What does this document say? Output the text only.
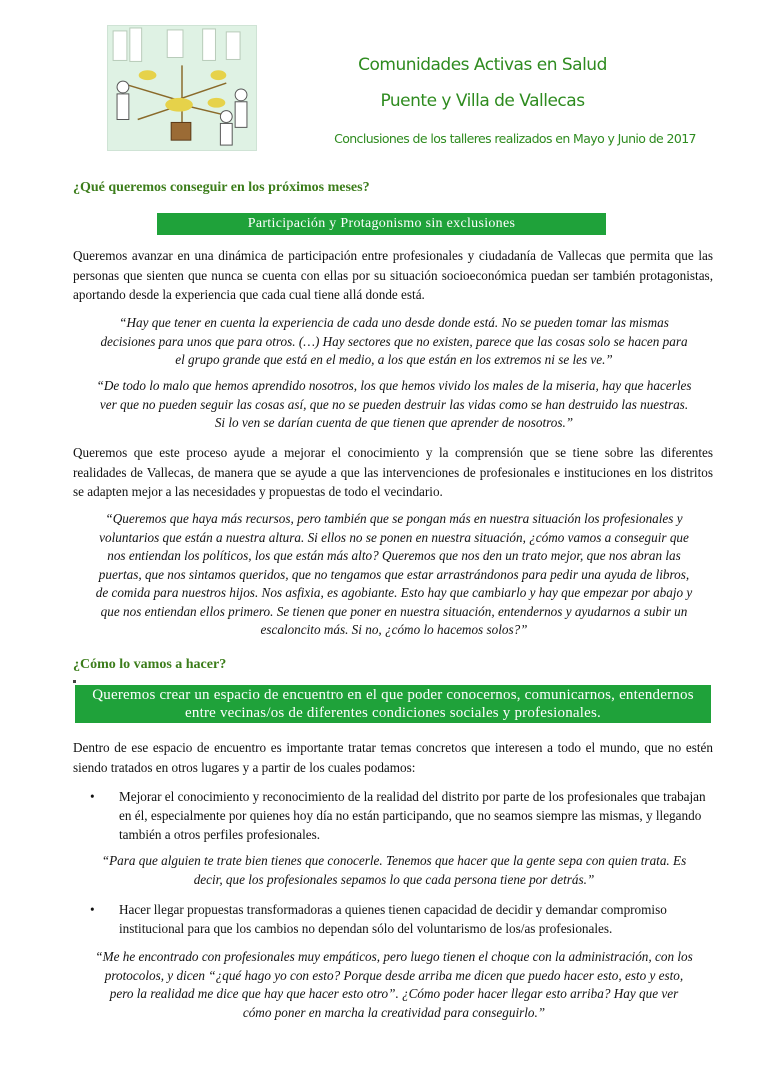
Comunidades Activas en Salud
Puente y Villa de Vallecas
Conclusiones de los talleres realizados en Mayo y Junio de 2017
¿Qué queremos conseguir en los próximos meses?
Participación y Protagonismo sin exclusiones
Queremos avanzar en una dinámica de participación entre profesionales y ciudadanía de Vallecas que permita que las personas que sienten que nunca se cuenta con ellas por su situación socioeconómica puedan ser también protagonistas, aportando desde la experiencia que cada cual tiene allá donde está.
“Hay que tener en cuenta la experiencia de cada uno desde donde está. No se pueden tomar las mismas decisiones para unos que para otros. (…) Hay sectores que no existen, parece que las cosas solo se hacen para el grupo grande que está en el medio, a los que están en los extremos ni se les ve.”
“De todo lo malo que hemos aprendido nosotros, los que hemos vivido los males de la miseria, hay que hacerles ver que no pueden seguir las cosas así, que no se pueden destruir las vidas como se han destruido las nuestras. Si lo ven se darían cuenta de que tienen que aprender de nosotros.”
Queremos que este proceso ayude a mejorar el conocimiento y la comprensión que se tiene sobre las diferentes realidades de Vallecas, de manera que se ayude a que las intervenciones de profesionales e instituciones en los distritos se adapten mejor a las necesidades y propuestas de todo el vecindario.
“Queremos que haya más recursos, pero también que se pongan más en nuestra situación los profesionales y voluntarios que están a nuestra altura. Si ellos no se ponen en nuestra situación, ¿cómo vamos a conseguir que nos entiendan los políticos, los que están más alto? Queremos que nos den un trato mejor, que nos abran las puertas, que nos sintamos queridos, que no tengamos que estar arrastrándonos para pedir una ayuda de libros, de comida para nuestros hijos. Nos asfixia, es agobiante. Esto hay que cambiarlo y hay que empezar por abajo y que nos entiendan ellos primero. Se tienen que poner en nuestra situación, entendernos y ayudarnos a subir un escaloncito más. Si no, ¿cómo lo hacemos solos?”
¿Cómo lo vamos a hacer?
Queremos crear un espacio de encuentro en el que poder conocernos, comunicarnos, entendernos entre vecinas/os de diferentes condiciones sociales y profesionales.
Dentro de ese espacio de encuentro es importante tratar temas concretos que interesen a todo el mundo, que no estén siendo tratados en otros lugares y a partir de los cuales podamos:
•	Mejorar el conocimiento y reconocimiento de la realidad del distrito por parte de los profesionales que trabajan en él, especialmente por quienes hoy día no están participando, que no seamos siempre las mismas, y llegando también a otros perfiles profesionales.
“Para que alguien te trate bien tienes que conocerle. Tenemos que hacer que la gente sepa con quien trata. Es decir, que los profesionales sepamos lo que cada persona tiene por detrás.”
•	Hacer llegar propuestas transformadoras a quienes tienen capacidad de decidir y demandar compromiso institucional para que los cambios no dependan sólo del voluntarismo de los/as profesionales.
“Me he encontrado con profesionales muy empáticos, pero luego tienen el choque con la administración, con los protocolos, y dicen “¿qué hago yo con esto? Porque desde arriba me dicen que puedo hacer esto, esto y esto, pero la realidad me dice que hay que hacer esto otro”. ¿Cómo poder hacer llegar esto arriba? Hay que ver cómo poner en marcha la creatividad para conseguirlo.”
